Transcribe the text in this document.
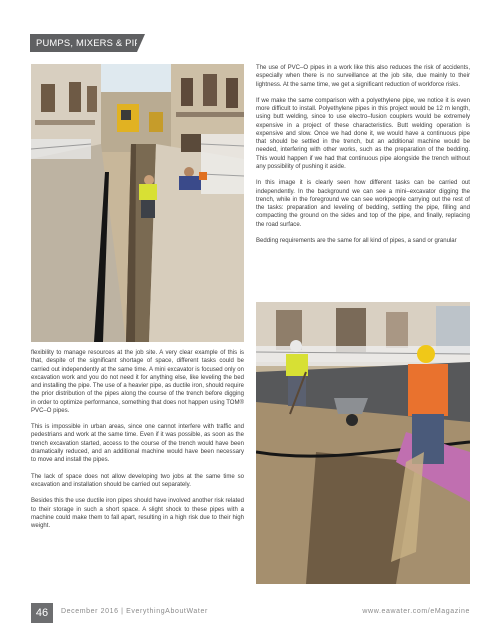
PUMPS, MIXERS & PIPES

The use of PVC–O pipes in a work like this also reduces the risk of accidents, especially when there is no surveillance at the job site, due mainly to their lightness. At the same time, we get a significant reduction of workforce risks.

If we make the same comparison with a polyethylene pipe, we notice it is even more difficult to install. Polyethylene pipes in this project would be 12 m length, using butt welding, since to use electro–fusion couplers would be extremely expensive in a project of these characteristics. Butt welding operation is expensive and slow. Once we had done it, we would have a continuous pipe that should be settled in the trench, but an additional machine would be needed, interfering with other works, such as the preparation of the bedding. This would happen if we had that continuous pipe alongside the trench without any possibility of pushing it aside.

In this image it is clearly seen how different tasks can be carried out independently. In the background we can see a mini–excavator digging the trench, while in the foreground we can see workpeople carrying out the rest of the tasks: preparation and leveling of bedding, settling the pipe, filling and compacting the ground on the sides and top of the pipe, and finally, replacing the road surface.

Bedding requirements are the same for all kind of pipes, a sand or granular

flexibility to manage resources at the job site. A very clear example of this is that, despite of the significant shortage of space, different tasks could be carried out independently at the same time. A mini excavator is focused only on excavation work and you do not need it for anything else, like leveling the bed and installing the pipe. The use of a heavier pipe, as ductile iron, should require the prior distribution of the pipes along the course of the trench before digging in order to optimize performance, something that does not happen using TOM® PVC–O pipes.

This is impossible in urban areas, since one cannot interfere with traffic and pedestrians and work at the same time. Even if it was possible, as soon as the trench excavation started, access to the course of the trench would have been dramatically reduced, and an additional machine would have been necessary to move and install the pipes.

The lack of space does not allow developing two jobs at the same time so excavation and installation should be carried out separately.

Besides this the use ductile iron pipes should have involved another risk related to their storage in such a short space. A slight shock to these pipes with a machine could make them to fall apart, resulting in a high risk due to their high weight.

46	December 2016 | EverythingAboutWater	www.eawater.com/eMagazine
